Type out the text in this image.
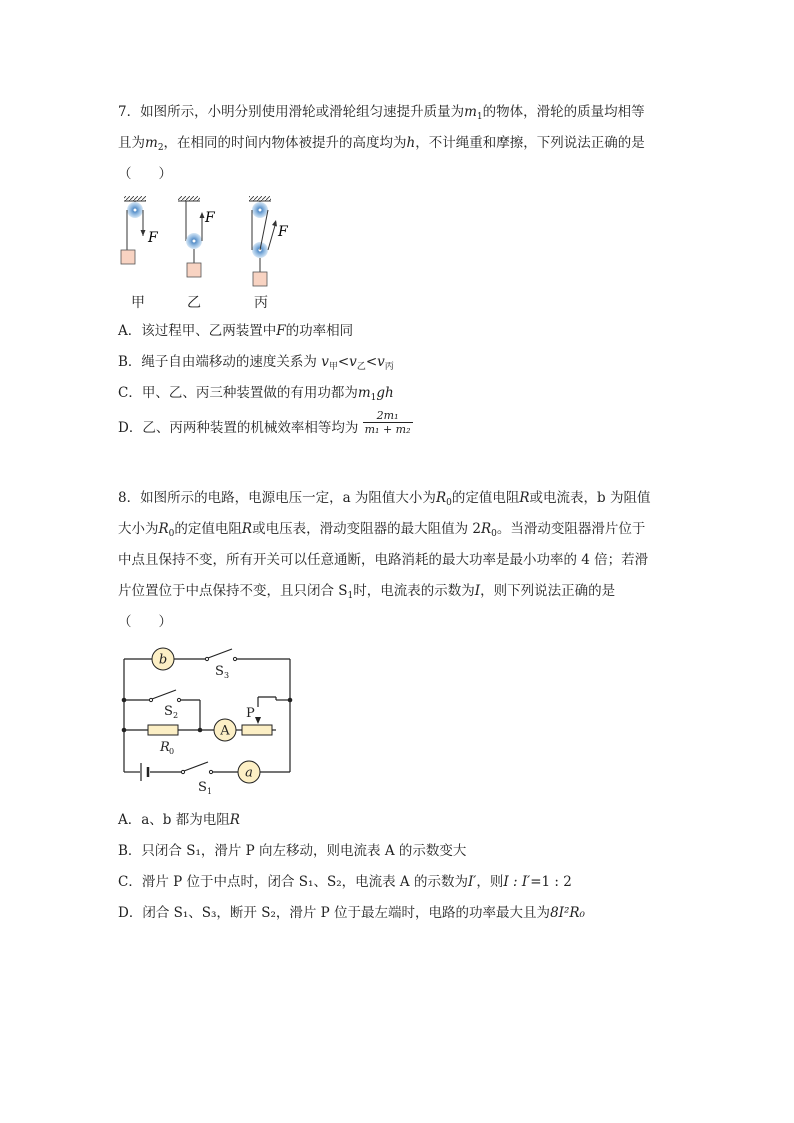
7．如图所示，小明分别使用滑轮或滑轮组匀速提升质量为$m_1$的物体，滑轮的质量均相等
且为$m_2$，在相同的时间内物体被提升的高度均为h，不计绳重和摩擦，下列说法正确的是
（　　）
F
F
F
甲	乙	丙
A．该过程甲、乙两装置中F的功率相同
B．绳子自由端移动的速度关系为 $v_甲<v_乙<v_丙$
C．甲、乙、丙三种装置做的有用功都为$m_1gh$
D．乙、丙两种装置的机械效率相等均为 $\frac{\text{2m₁}}{\text{m₁ + m₂}}$
8．如图所示的电路，电源电压一定，a 为阻值大小为$R_0$的定值电阻R或电流表，b 为阻值
大小为$R_0$的定值电阻R或电压表，滑动变阻器的最大阻值为 $2R_0$。当滑动变阻器滑片位于
中点且保持不变，所有开关可以任意通断，电路消耗的最大功率是最小功率的 4 倍；若滑
片位置位于中点保持不变，且只闭合 $S_1$时，电流表的示数为I，则下列说法正确的是
（　　）
b
A
a
S 3
S 2
S 1
R 0
P
A．a、b 都为电阻R
B．只闭合 S₁，滑片 P 向左移动，则电流表 A 的示数变大
C．滑片 P 位于中点时，闭合 S₁、S₂，电流表 A 的示数为I′，则I : I′=1 : 2
D．闭合 S₁、S₃，断开 S₂，滑片 P 位于最左端时，电路的功率最大且为8I²R₀
